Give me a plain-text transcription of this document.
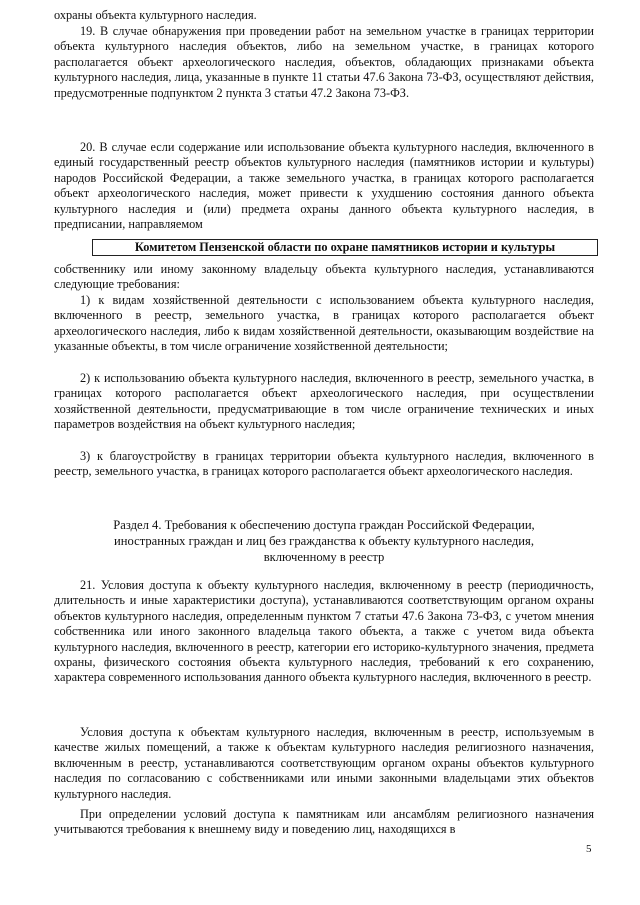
охраны объекта культурного наследия.

19. В случае обнаружения при проведении работ на земельном участке в границах территории объекта культурного наследия объектов, либо на земельном участке, в границах которого располагается объект археологического наследия, объектов, обладающих признаками объекта культурного наследия, лица, указанные в пункте 11 статьи 47.6 Закона 73-ФЗ, осуществляют действия, предусмотренные подпунктом 2 пункта 3 статьи 47.2 Закона 73-ФЗ.

20. В случае если содержание или использование объекта культурного наследия, включенного в единый государственный реестр объектов культурного наследия (памятников истории и культуры) народов Российской Федерации, а также земельного участка, в границах которого располагается объект археологического наследия, может привести к ухудшению состояния данного объекта культурного наследия и (или) предмета охраны данного объекта культурного наследия, в предписании, направляемом

Комитетом Пензенской области по охране памятников истории и культуры

собственнику или иному законному владельцу объекта культурного наследия, устанавливаются следующие требования:

1) к видам хозяйственной деятельности с использованием объекта культурного наследия, включенного в реестр, земельного участка, в границах которого располагается объект археологического наследия, либо к видам хозяйственной деятельности, оказывающим воздействие на указанные объекты, в том числе ограничение хозяйственной деятельности;

2) к использованию объекта культурного наследия, включенного в реестр, земельного участка, в границах которого располагается объект археологического наследия, при осуществлении хозяйственной деятельности, предусматривающие в том числе ограничение технических и иных параметров воздействия на объект культурного наследия;

3) к благоустройству в границах территории объекта культурного наследия, включенного в реестр, земельного участка, в границах которого располагается объект археологического наследия.

Раздел 4. Требования к обеспечению доступа граждан Российской Федерации,
иностранных граждан и лиц без гражданства к объекту культурного наследия,
включенному в реестр

21. Условия доступа к объекту культурного наследия, включенному в реестр (периодичность, длительность и иные характеристики доступа), устанавливаются соответствующим органом охраны объектов культурного наследия, определенным пунктом 7 статьи 47.6 Закона 73-ФЗ, с учетом мнения собственника или иного законного владельца такого объекта, а также с учетом вида объекта культурного наследия, включенного в реестр, категории его историко-культурного значения, предмета охраны, физического состояния объекта культурного наследия, требований к его сохранению, характера современного использования данного объекта культурного наследия, включенного в реестр.

Условия доступа к объектам культурного наследия, включенным в реестр, используемым в качестве жилых помещений, а также к объектам культурного наследия религиозного назначения, включенным в реестр, устанавливаются соответствующим органом охраны объектов культурного наследия по согласованию с собственниками или иными законными владельцами этих объектов культурного наследия.

При определении условий доступа к памятникам или ансамблям религиозного назначения учитываются требования к внешнему виду и поведению лиц, находящихся в

5
